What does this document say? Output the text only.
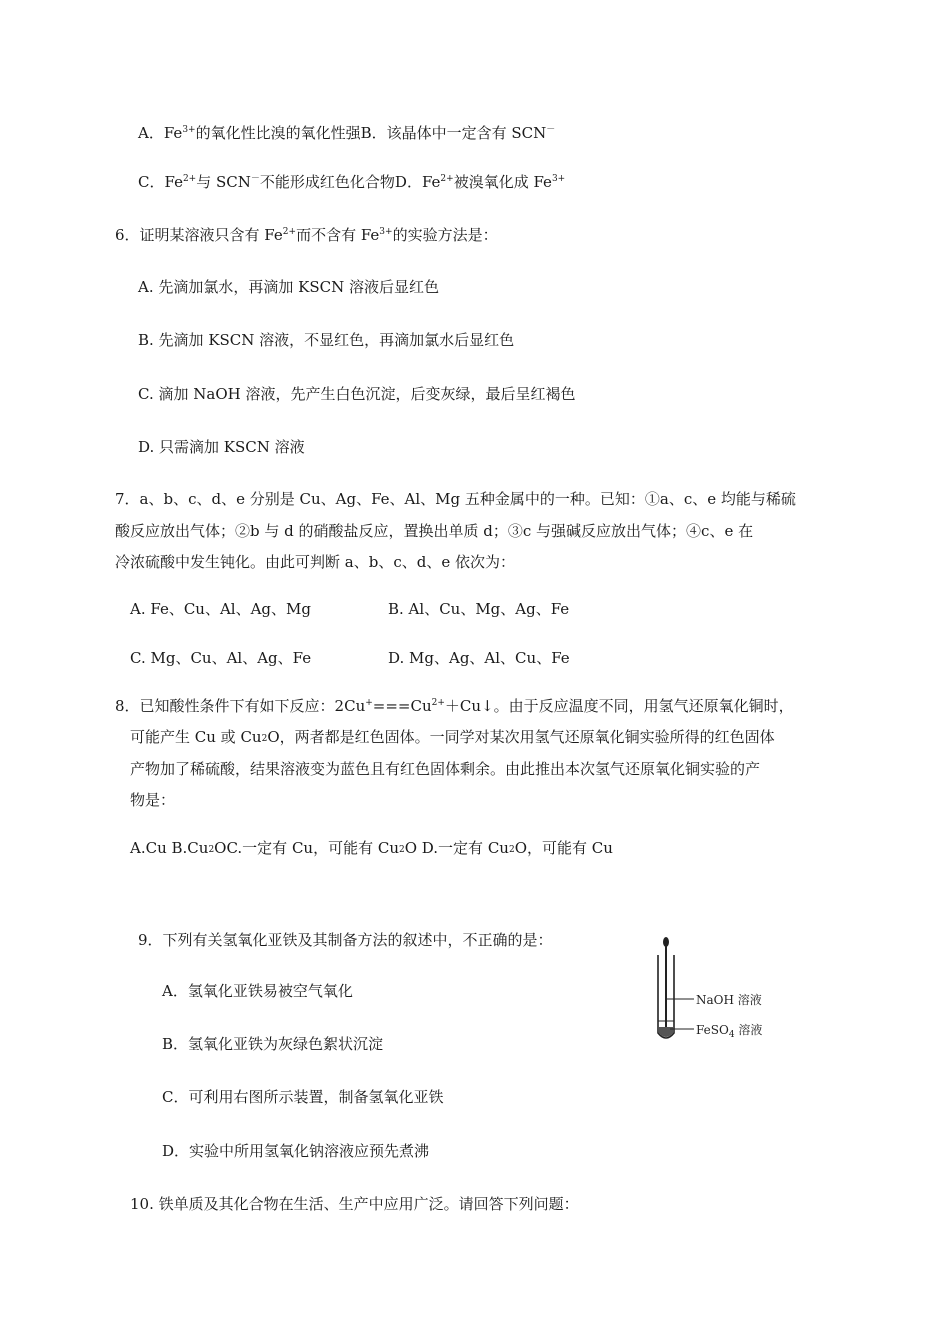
A．$Fe^{3+}$的氧化性比溴的氧化性强B．该晶体中一定含有 SCN－
C．$Fe^{2+}$与 SCN－不能形成红色化合物D．$Fe^{2+}$被溴氧化成 $Fe^{3+}$
6．证明某溶液只含有 $Fe^{2+}$而不含有 $Fe^{3+}$的实验方法是：
A. 先滴加氯水，再滴加 KSCN 溶液后显红色
B. 先滴加 KSCN 溶液，不显红色，再滴加氯水后显红色
C. 滴加 NaOH 溶液，先产生白色沉淀，后变灰绿，最后呈红褐色
D. 只需滴加 KSCN 溶液
7．a、b、c、d、e 分别是 Cu、Ag、Fe、Al、Mg 五种金属中的一种。已知：①a、c、e 均能与稀硫
酸反应放出气体；②b 与 d 的硝酸盐反应，置换出单质 d；③c 与强碱反应放出气体；④c、e 在
冷浓硫酸中发生钝化。由此可判断 a、b、c、d、e 依次为：
A. Fe、Cu、Al、Ag、Mg	B. Al、Cu、Mg、Ag、Fe
C. Mg、Cu、Al、Ag、Fe	D. Mg、Ag、Al、Cu、Fe
8．已知酸性条件下有如下反应：$2Cu^+===Cu^{2+}+Cu↓$。由于反应温度不同，用氢气还原氧化铜时，
可能产生 Cu 或 $Cu_2O$，两者都是红色固体。一同学对某次用氢气还原氧化铜实验所得的红色固体
产物加了稀硫酸，结果溶液变为蓝色且有红色固体剩余。由此推出本次氢气还原氧化铜实验的产
物是：
A.Cu $B.Cu_2OC$.一定有 Cu，可能有 $Cu_2O$ D.一定有 $Cu_2O$，可能有 Cu
9．下列有关氢氧化亚铁及其制备方法的叙述中，不正确的是：
A．氢氧化亚铁易被空气氧化
B．氢氧化亚铁为灰绿色絮状沉淀
C．可利用右图所示装置，制备氢氧化亚铁
D．实验中所用氢氧化钠溶液应预先煮沸
NaOH 溶液
FeSO$_4$ 溶液
10. 铁单质及其化合物在生活、生产中应用广泛。请回答下列问题：
